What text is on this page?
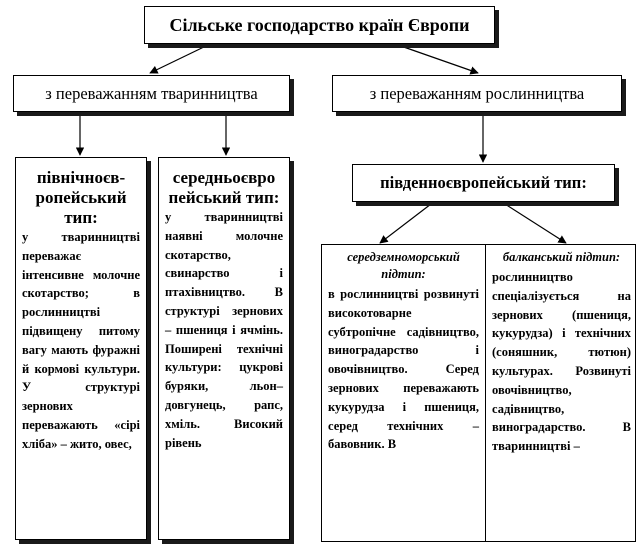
Сільське господарство країн Європи
з переважанням тваринництва	з переважанням рослинництва

північноєв-ропейський тип:

у тваринництві переважає інтенсивне молочне скотарство; в рослинництві підвищену питому вагу мають фуражні й кормові культури. У структурі зернових переважають «сірі хліба» – жито, овес,

середньоєвро пейський тип:

у тваринництві наявні молочне скотарство, свинарство і птахівництво. В структурі зернових – пшениця і ячмінь. Поширені технічні культури: цукрові буряки, льон–довгунець, рапс, хміль. Високий рівень

південноєвропейський тип:

середземноморський підтип:

в рослинництві розвинуті високотоварне субтропічне садівництво, виноградарство і овочівництво. Серед зернових переважають кукурудза і пшениця, серед технічних – бавовник. В

балканський підтип:

рослинництво спеціалізується на зернових (пшениця, кукурудза) і технічних (соняшник, тютюн) культурах. Розвинуті овочівництво, садівництво, виноградарство. В тваринництві –
